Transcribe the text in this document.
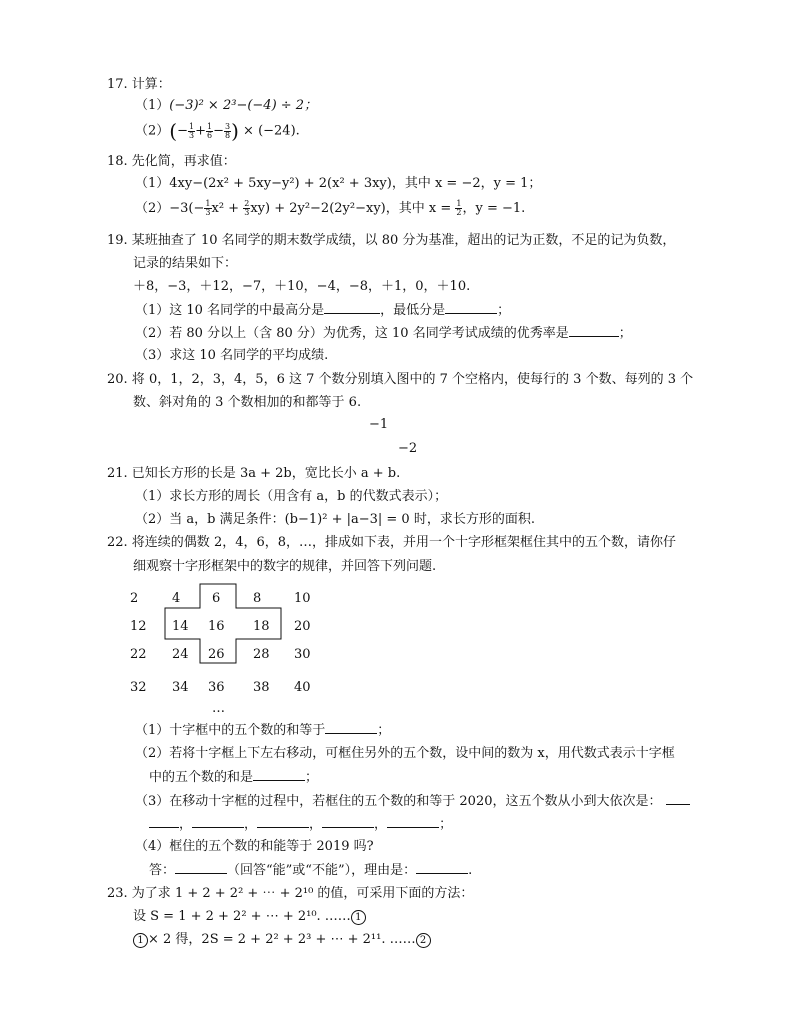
17. 计算：
（1）(−3)² × 2³−(−4) ÷ 2；
$(2)(- \frac{1}{3} + \frac{1}{6} - \frac{3}{8}$ ) × (−24).
18. 先化简，再求值：
（1）4xy−(2x² + 5xy−y²) + 2(x² + 3xy)，其中 x = −2，y = 1；
$(2)-3(- \frac{1}{3} x^2 + \frac{2}{3} xy) + 2y^2-2(2y^2-xy)$，其中 $x = \frac{1}{2}$ ，y = −1.
19. 某班抽查了 10 名同学的期末数学成绩，以 80 分为基准，超出的记为正数，不足的记为负数，
记录的结果如下：
＋8，−3，＋12，−7，＋10，−4，−8，＋1，0，＋10.
（1）这 10 名同学的中最高分是	，最低分是	；
（2）若 80 分以上（含 80 分）为优秀，这 10 名同学考试成绩的优秀率是	；
（3）求这 10 名同学的平均成绩.
20. 将 0，1，2，3，4，5，6 这 7 个数分别填入图中的 7 个空格内，使每行的 3 个数、每列的 3 个
数、斜对角的 3 个数相加的和都等于 6.
−1
−2
21. 已知长方形的长是 3a + 2b，宽比长小 a + b.
（1）求长方形的周长（用含有 a，b 的代数式表示）；
（2）当 a，b 满足条件：(b−1)² + |a−3| = 0 时，求长方形的面积.
22. 将连续的偶数 2，4，6，8，…，排成如下表，并用一个十字形框架框住其中的五个数，请你仔
细观察十字形框架中的数字的规律，并回答下列问题.
2	4 6	8	10
12 14 16 18 20
22 24 26 28 30
32 34 36 38 40
…
（1）十字框中的五个数的和等于	；
（2）若将十字框上下左右移动，可框住另外的五个数，设中间的数为 x，用代数式表示十字框
中的五个数的和是	；
（3）在移动十字框的过程中，若框住的五个数的和等于 2020，这五个数从小到大依次是：
，	，	，	，	；
（4）框住的五个数的和能等于 2019 吗?
答：	（回答“能”或“不能”），理由是：	.
23. 为了求 1 + 2 + 2² + ⋯ + 2¹⁰ 的值，可采用下面的方法：
设 S = 1 + 2 + 2² + ⋯ + 2¹⁰. …… 1
1 × 2 得，2S = 2 + 2² + 2³ + ⋯ + 2¹¹. …… 2
